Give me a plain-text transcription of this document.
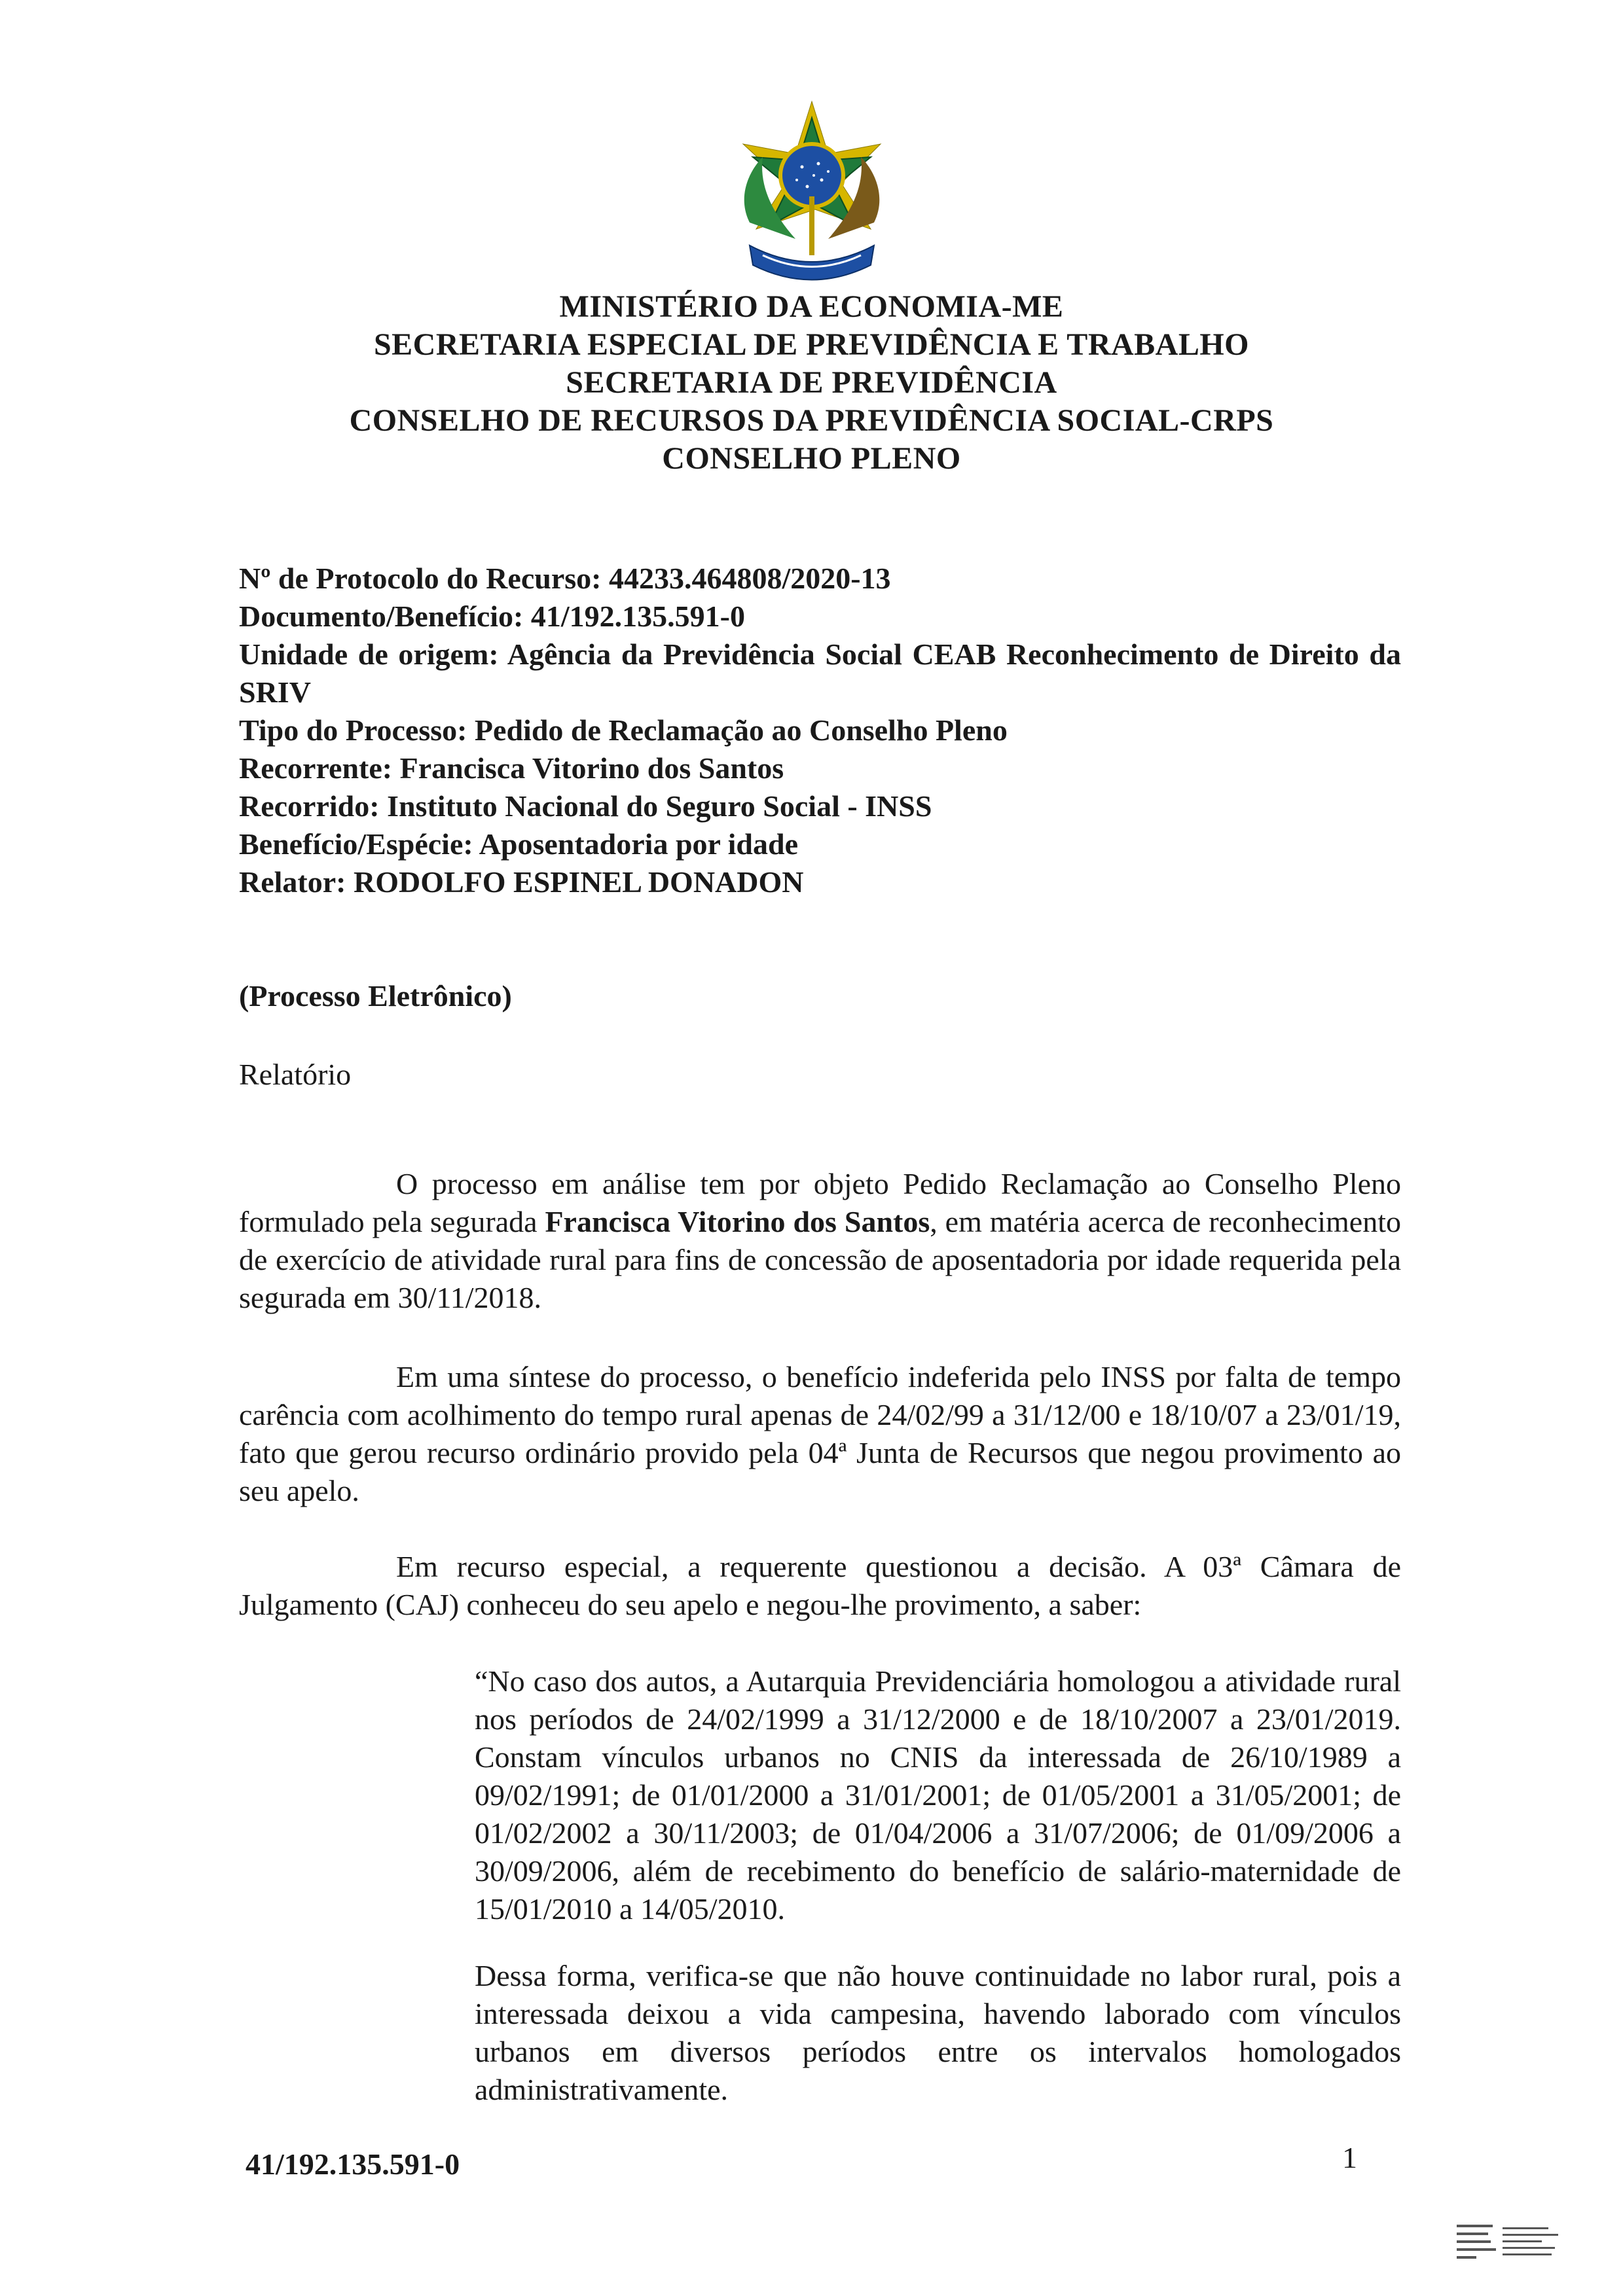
MINISTÉRIO DA ECONOMIA-ME
SECRETARIA ESPECIAL DE PREVIDÊNCIA E TRABALHO
SECRETARIA DE PREVIDÊNCIA
CONSELHO DE RECURSOS DA PREVIDÊNCIA SOCIAL-CRPS
CONSELHO PLENO
Nº de Protocolo do Recurso: 44233.464808/2020-13
Documento/Benefício: 41/192.135.591-0
Unidade de origem: Agência da Previdência Social CEAB Reconhecimento de Direito da SRIV
Tipo do Processo: Pedido de Reclamação ao Conselho Pleno
Recorrente: Francisca Vitorino dos Santos
Recorrido: Instituto Nacional do Seguro Social - INSS
Benefício/Espécie: Aposentadoria por idade
Relator: RODOLFO ESPINEL DONADON
(Processo Eletrônico)
Relatório
O processo em análise tem por objeto Pedido Reclamação ao Conselho Pleno formulado pela segurada Francisca Vitorino dos Santos, em matéria acerca de reconhecimento de exercício de atividade rural para fins de concessão de aposentadoria por idade requerida pela segurada em 30/11/2018.
Em uma síntese do processo, o benefício indeferida pelo INSS por falta de tempo carência com acolhimento do tempo rural apenas de 24/02/99 a 31/12/00 e 18/10/07 a 23/01/19, fato que gerou recurso ordinário provido pela 04ª Junta de Recursos que negou provimento ao seu apelo.
Em recurso especial, a requerente questionou a decisão. A 03ª Câmara de Julgamento (CAJ) conheceu do seu apelo e negou-lhe provimento, a saber:
“No caso dos autos, a Autarquia Previdenciária homologou a atividade rural nos períodos de 24/02/1999 a 31/12/2000 e de 18/10/2007 a 23/01/2019. Constam vínculos urbanos no CNIS da interessada de 26/10/1989 a 09/02/1991; de 01/01/2000 a 31/01/2001; de 01/05/2001 a 31/05/2001; de 01/02/2002 a 30/11/2003; de 01/04/2006 a 31/07/2006; de 01/09/2006 a 30/09/2006, além de recebimento do benefício de salário-maternidade de 15/01/2010 a 14/05/2010.
Dessa forma, verifica-se que não houve continuidade no labor rural, pois a interessada deixou a vida campesina, havendo laborado com vínculos urbanos em diversos períodos entre os intervalos homologados administrativamente.
41/192.135.591-0	1
